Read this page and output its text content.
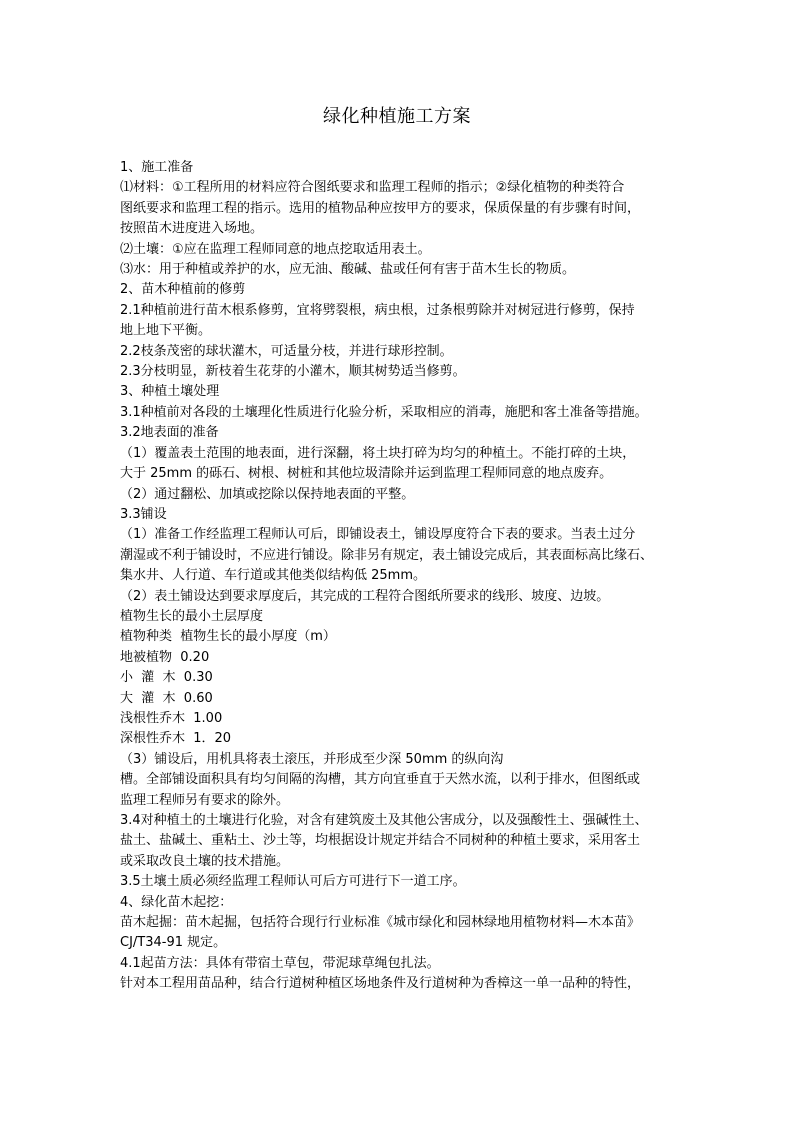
绿化种植施工方案

1、施工准备

⑴材料：①工程所用的材料应符合图纸要求和监理工程师的指示；②绿化植物的种类符合

图纸要求和监理工程的指示。选用的植物品种应按甲方的要求，保质保量的有步骤有时间，

按照苗木进度进入场地。

⑵土壤：①应在监理工程师同意的地点挖取适用表土。

⑶水：用于种植或养护的水，应无油、酸碱、盐或任何有害于苗木生长的物质。

2、苗木种植前的修剪

2.1种植前进行苗木根系修剪，宜将劈裂根，病虫根，过条根剪除并对树冠进行修剪，保持

地上地下平衡。

2.2枝条茂密的球状灌木，可适量分枝，并进行球形控制。

2.3分枝明显，新枝着生花芽的小灌木，顺其树势适当修剪。

3、种植土壤处理

3.1种植前对各段的土壤理化性质进行化验分析，采取相应的消毒，施肥和客土准备等措施。

3.2地表面的准备

（1）覆盖表土范围的地表面，进行深翻，将土块打碎为均匀的种植土。不能打碎的土块，

大于 25mm 的砾石、树根、树桩和其他垃圾清除并运到监理工程师同意的地点废弃。

（2）通过翻松、加填或挖除以保持地表面的平整。

3.3铺设

（1）准备工作经监理工程师认可后，即铺设表土，铺设厚度符合下表的要求。当表土过分

潮湿或不利于铺设时，不应进行铺设。除非另有规定，表土铺设完成后，其表面标高比缘石、

集水井、人行道、车行道或其他类似结构低 25mm。

（2）表土铺设达到要求厚度后，其完成的工程符合图纸所要求的线形、坡度、边坡。

植物生长的最小土层厚度

植物种类  植物生长的最小厚度（m）

地被植物  0.20

小  灌  木  0.30

大  灌  木  0.60

浅根性乔木  1.00

深根性乔木  1．20

（3）铺设后，用机具将表土滚压，并形成至少深 50mm 的纵向沟

槽。全部铺设面积具有均匀间隔的沟槽，其方向宜垂直于天然水流，以利于排水，但图纸或

监理工程师另有要求的除外。

3.4对种植土的土壤进行化验，对含有建筑废土及其他公害成分，以及强酸性土、强碱性土、

盐土、盐碱土、重粘土、沙土等，均根据设计规定并结合不同树种的种植土要求，采用客土

或采取改良土壤的技术措施。

3.5土壤土质必须经监理工程师认可后方可进行下一道工序。

4、绿化苗木起挖：

苗木起掘：苗木起掘，包括符合现行行业标准《城市绿化和园林绿地用植物材料—木本苗》

CJ/T34-91 规定。

4.1起苗方法：具体有带宿土草包，带泥球草绳包扎法。

针对本工程用苗品种，结合行道树种植区场地条件及行道树种为香樟这一单一品种的特性，
